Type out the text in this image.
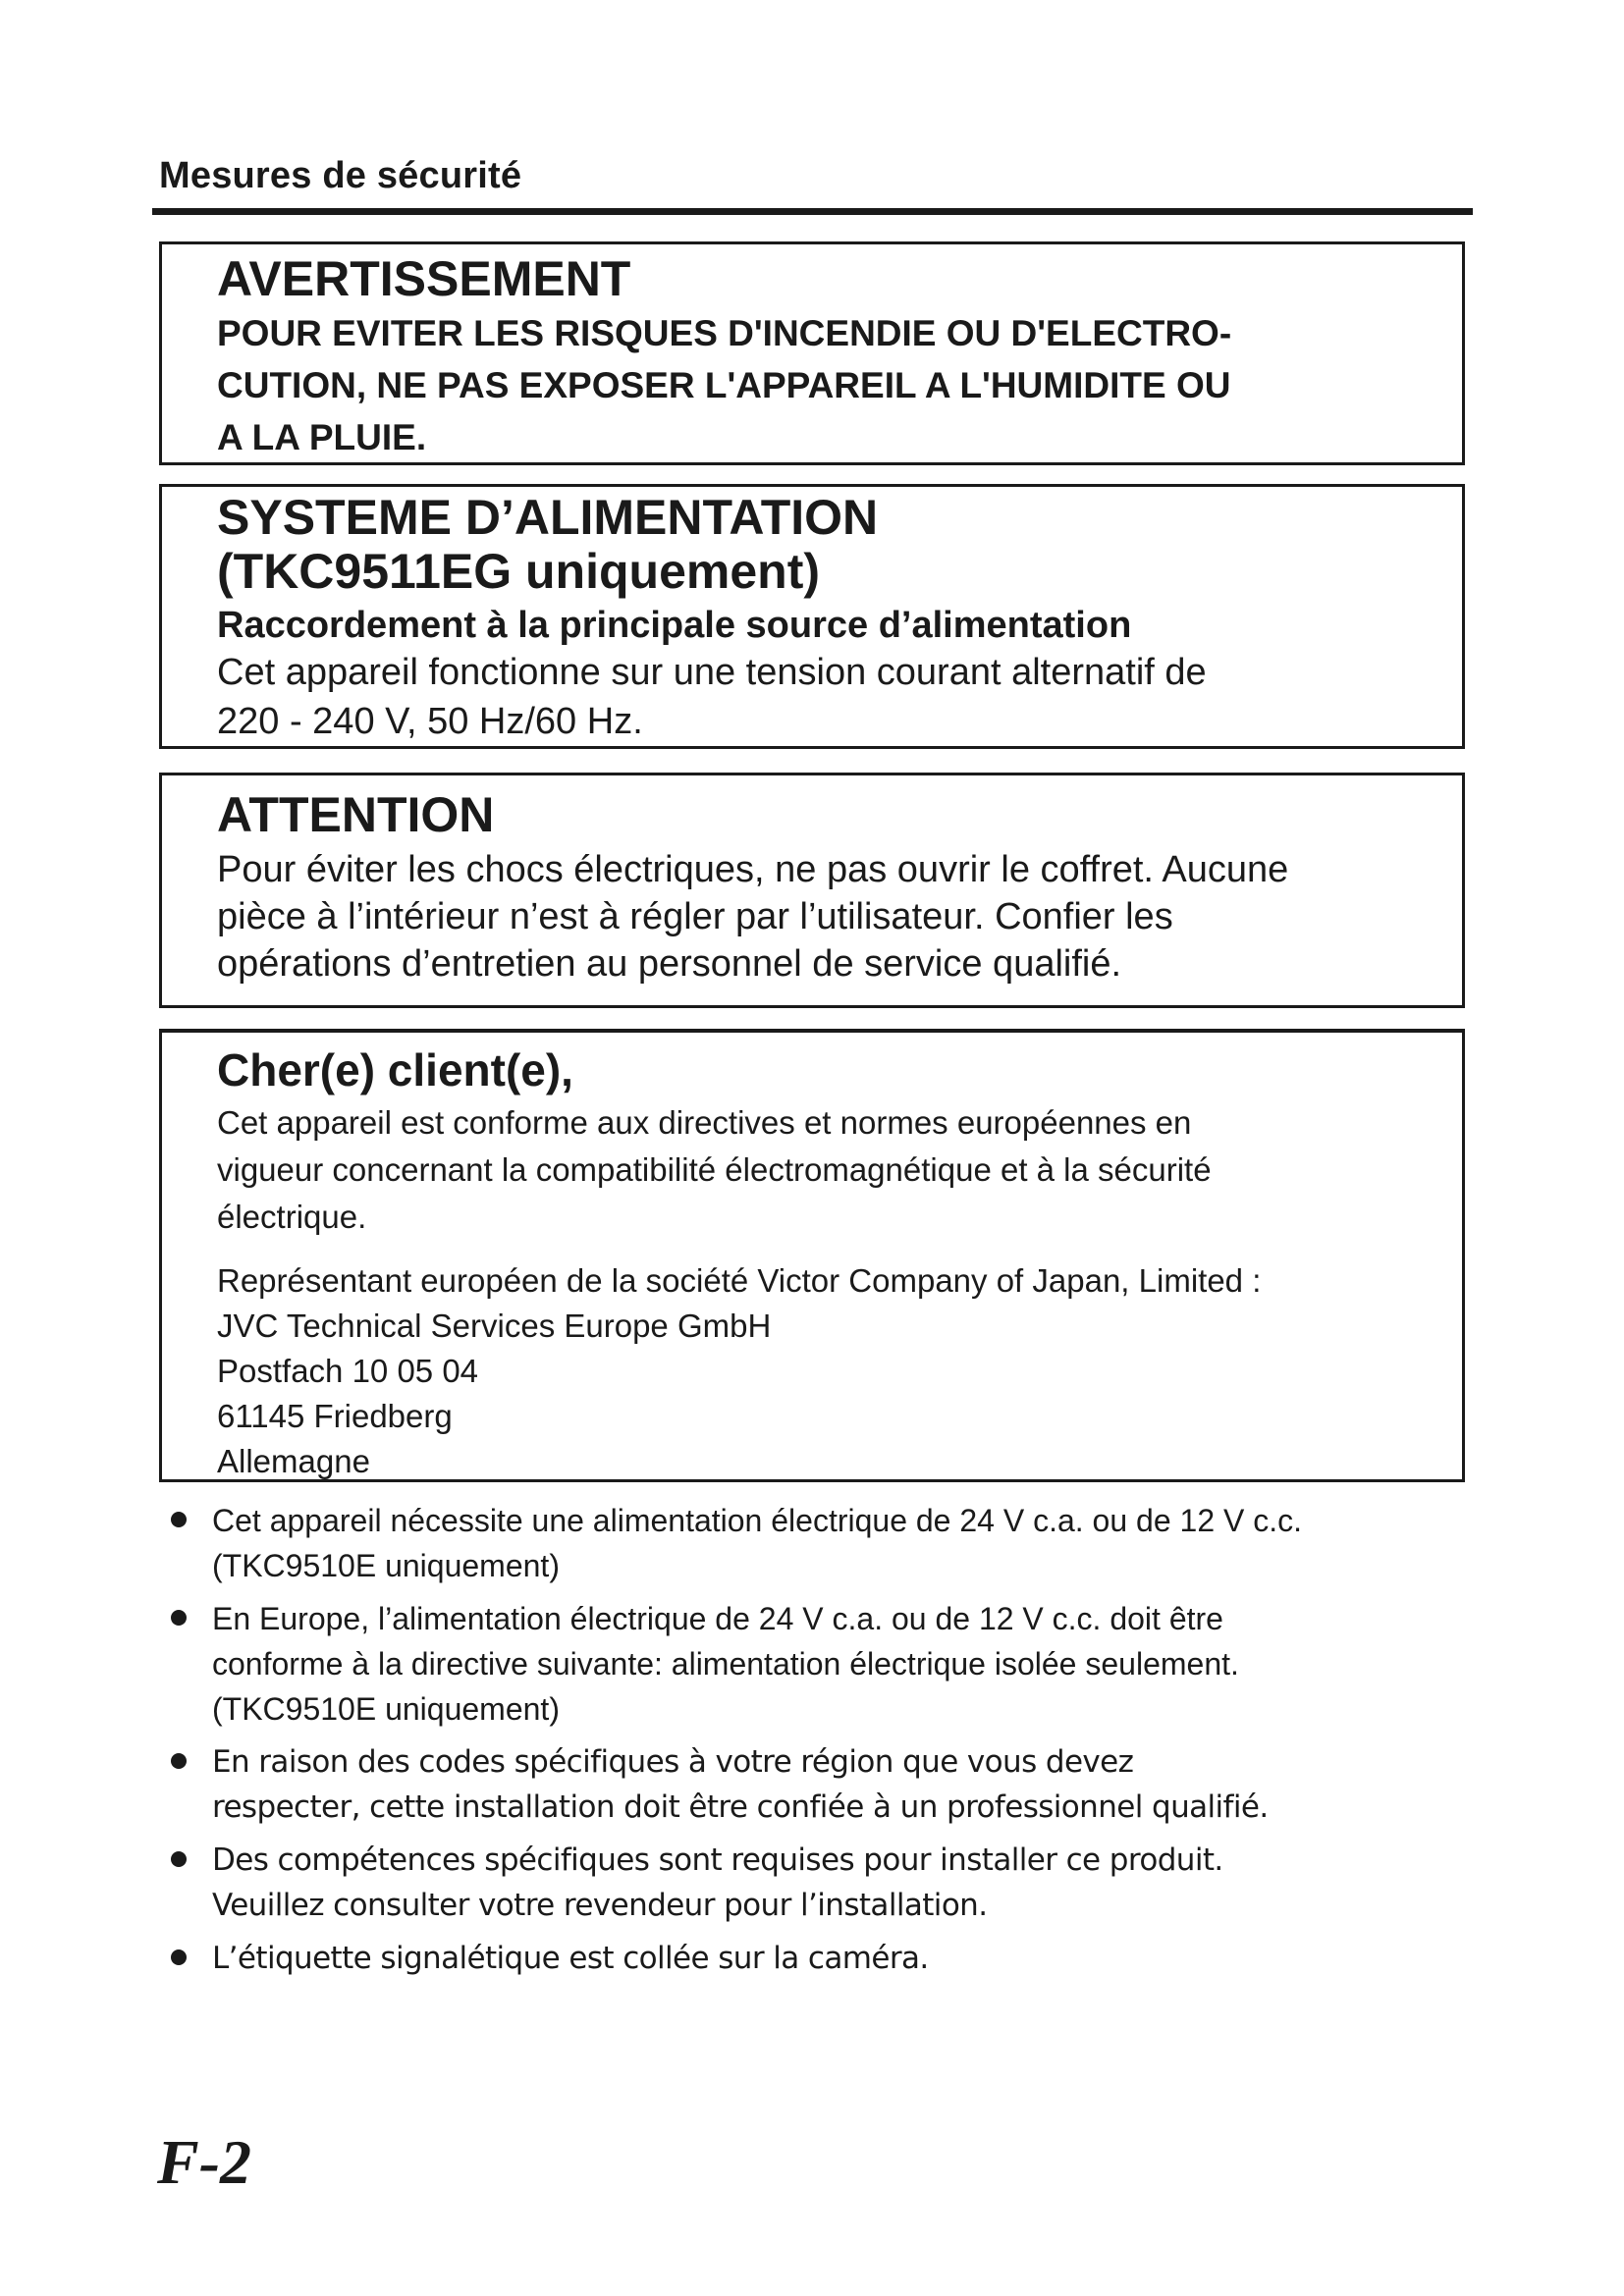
Mesures de sécurité

AVERTISSEMENT

POUR EVITER LES RISQUES D'INCENDIE OU D'ELECTRO-
CUTION, NE PAS EXPOSER L'APPAREIL A L'HUMIDITE OU
A LA PLUIE.

SYSTEME D’ALIMENTATION
(TKC9511EG uniquement)

Raccordement à la principale source d’alimentation

Cet appareil fonctionne sur une tension courant alternatif de
220 - 240 V, 50 Hz/60 Hz.

ATTENTION

Pour éviter les chocs électriques, ne pas ouvrir le coffret. Aucune
pièce à l’intérieur n’est à régler par l’utilisateur. Confier les
opérations d’entretien au personnel de service qualifié.

Cher(e) client(e),

Cet appareil est conforme aux directives et normes européennes en
vigueur concernant la compatibilité électromagnétique et à la sécurité
électrique.

Représentant européen de la société Victor Company of Japan, Limited :
JVC Technical Services Europe GmbH
Postfach 10 05 04
61145 Friedberg
Allemagne

Cet appareil nécessite une alimentation électrique de 24 V c.a. ou de 12 V c.c.
(TKC9510E uniquement)
En Europe, l’alimentation électrique de 24 V c.a. ou de 12 V c.c. doit être
conforme à la directive suivante: alimentation électrique isolée seulement.
(TKC9510E uniquement)
En raison des codes spécifiques à votre région que vous devez
respecter, cette installation doit être confiée à un professionnel qualifié.
Des compétences spécifiques sont requises pour installer ce produit.
Veuillez consulter votre revendeur pour l’installation.
L’étiquette signalétique est collée sur la caméra.
F-2
